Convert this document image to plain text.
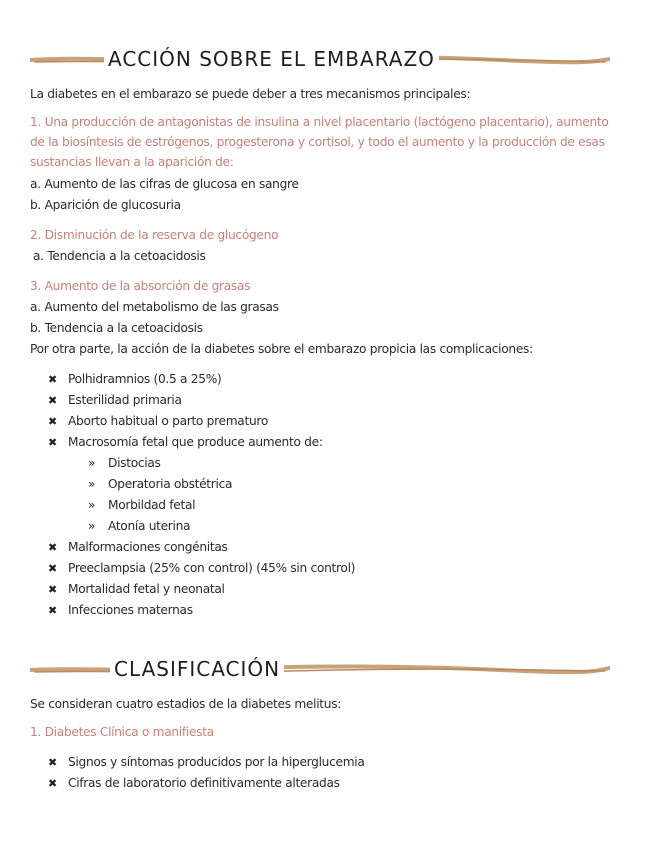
ACCIÓN SOBRE EL EMBARAZO
La diabetes en el embarazo se puede deber a tres mecanismos principales:
1. Una producción de antagonistas de insulina a nivel placentario (lactógeno placentario), aumento de la biosíntesis de estrógenos, progesterona y cortisol, y todo el aumento y la producción de esas sustancias llevan a la aparición de:
a. Aumento de las cifras de glucosa en sangre
b. Aparición de glucosuria
2. Disminución de la reserva de glucógeno
a. Tendencia a la cetoacidosis
3. Aumento de la absorción de grasas
a. Aumento del metabolismo de las grasas
b. Tendencia a la cetoacidosis
Por otra parte, la acción de la diabetes sobre el embarazo propicia las complicaciones:
✖ Polhidramnios (0.5 a 25%)
✖ Esterilidad primaria
✖ Aborto habitual o parto prematuro
✖ Macrosomía fetal que produce aumento de:
» Distocias
» Operatoria obstétrica
» Morbildad fetal
» Atonía uterina
✖ Malformaciones congénitas
✖ Preeclampsia (25% con control) (45% sin control)
✖ Mortalidad fetal y neonatal
✖ Infecciones maternas
CLASIFICACIÓN
Se consideran cuatro estadios de la diabetes melitus:
1. Diabetes Clínica o manifiesta
✖ Signos y síntomas producidos por la hiperglucemia
✖ Cifras de laboratorio definitivamente alteradas
